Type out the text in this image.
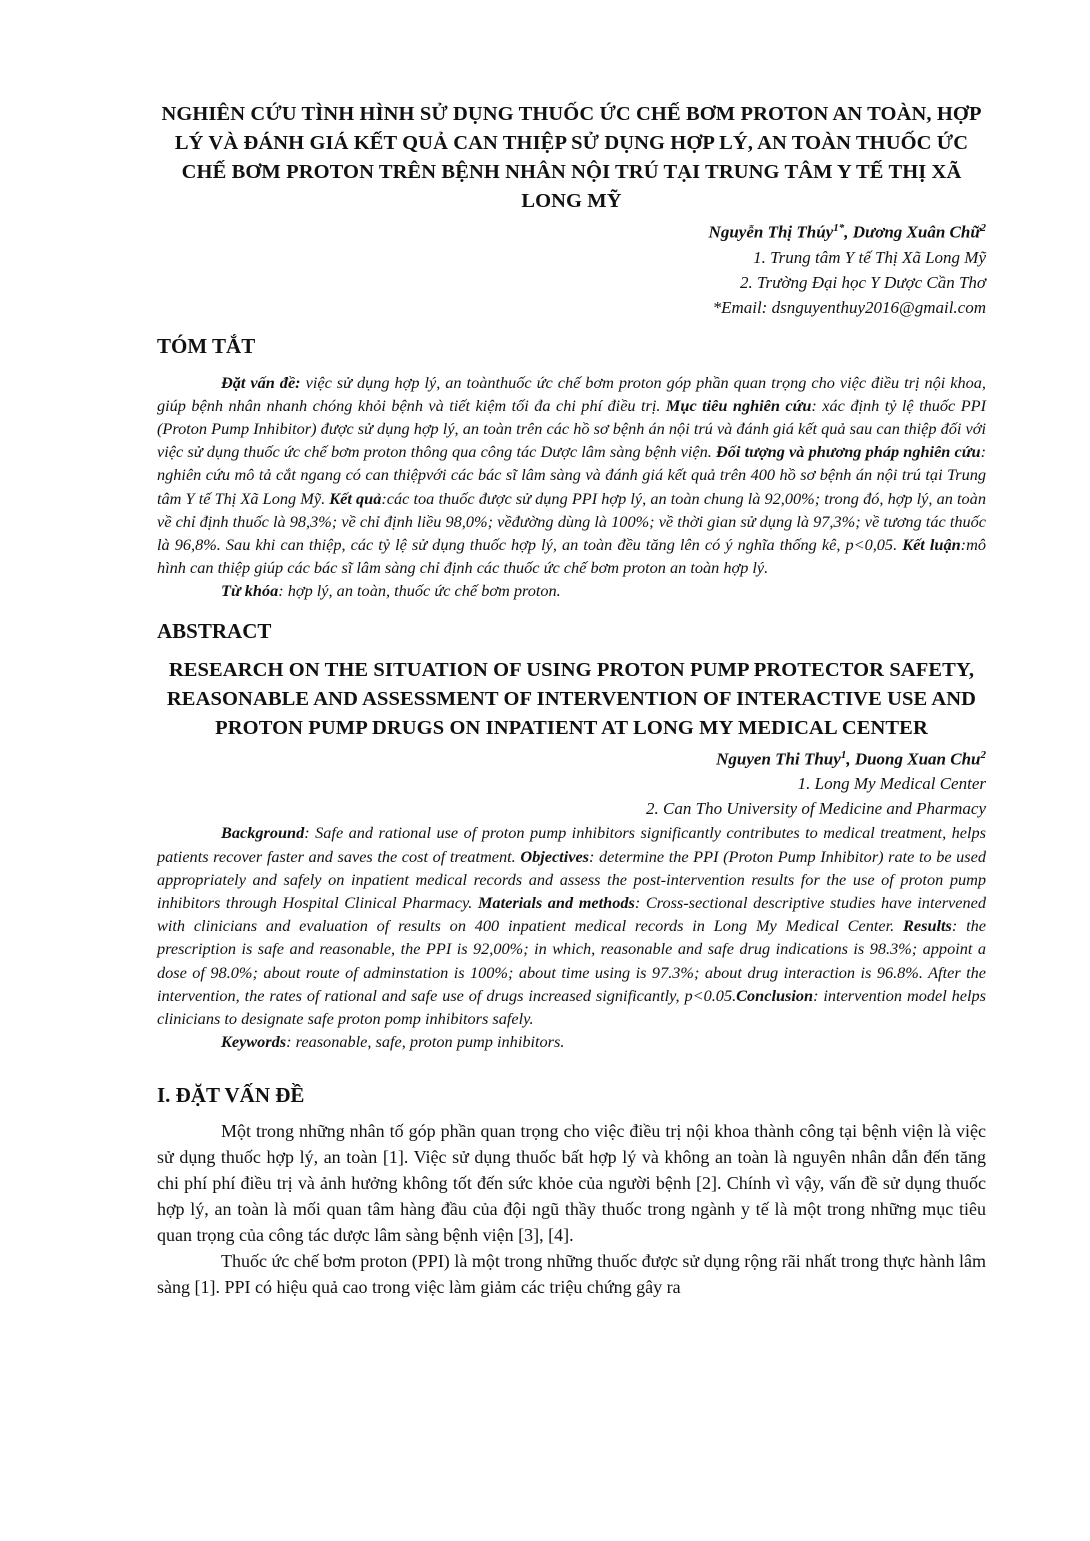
NGHIÊN CỨU TÌNH HÌNH SỬ DỤNG THUỐC ỨC CHẾ BƠM PROTON AN TOÀN, HỢP LÝ VÀ ĐÁNH GIÁ KẾT QUẢ CAN THIỆP SỬ DỤNG HỢP LÝ, AN TOÀN THUỐC ỨC CHẾ BƠM PROTON TRÊN BỆNH NHÂN NỘI TRÚ TẠI TRUNG TÂM Y TẾ THỊ XÃ LONG MỸ
Nguyễn Thị Thúy$^{1*}$, Dương Xuân Chữ$^2$
1. Trung tâm Y tế Thị Xã Long Mỹ
2. Trường Đại học Y Dược Cần Thơ
*Email: dsnguyenthuy2016@gmail.com
TÓM TẮT

Đặt vấn đề: việc sử dụng hợp lý, an toànthuốc ức chế bơm proton góp phần quan trọng cho việc điều trị nội khoa, giúp bệnh nhân nhanh chóng khỏi bệnh và tiết kiệm tối đa chi phí điều trị. Mục tiêu nghiên cứu: xác định tỷ lệ thuốc PPI (Proton Pump Inhibitor) được sử dụng hợp lý, an toàn trên các hồ sơ bệnh án nội trú và đánh giá kết quả sau can thiệp đối với việc sử dụng thuốc ức chế bơm proton thông qua công tác Dược lâm sàng bệnh viện. Đối tượng và phương pháp nghiên cứu: nghiên cứu mô tả cắt ngang có can thiệpvới các bác sĩ lâm sàng và đánh giá kết quả trên 400 hồ sơ bệnh án nội trú tại Trung tâm Y tế Thị Xã Long Mỹ. Kết quả:các toa thuốc được sử dụng PPI hợp lý, an toàn chung là 92,00%; trong đó, hợp lý, an toàn về chỉ định thuốc là 98,3%; về chỉ định liều 98,0%; vềđường dùng là 100%; về thời gian sử dụng là 97,3%; về tương tác thuốc là 96,8%. Sau khi can thiệp, các tỷ lệ sử dụng thuốc hợp lý, an toàn đều tăng lên có ý nghĩa thống kê, p<0,05. Kết luận:mô hình can thiệp giúp các bác sĩ lâm sàng chỉ định các thuốc ức chế bơm proton an toàn hợp lý.

Từ khóa: hợp lý, an toàn, thuốc ức chế bơm proton.

ABSTRACT
RESEARCH ON THE SITUATION OF USING PROTON PUMP PROTECTOR SAFETY, REASONABLE AND ASSESSMENT OF INTERVENTION OF INTERACTIVE USE AND PROTON PUMP DRUGS ON INPATIENT AT LONG MY MEDICAL CENTER
Nguyen Thi Thuy$^1$, Duong Xuan Chu$^2$
1. Long My Medical Center
2. Can Tho University of Medicine and Pharmacy

Background: Safe and rational use of proton pump inhibitors significantly contributes to medical treatment, helps patients recover faster and saves the cost of treatment. Objectives: determine the PPI (Proton Pump Inhibitor) rate to be used appropriately and safely on inpatient medical records and assess the post-intervention results for the use of proton pump inhibitors through Hospital Clinical Pharmacy. Materials and methods: Cross-sectional descriptive studies have intervened with clinicians and evaluation of results on 400 inpatient medical records in Long My Medical Center. Results: the prescription is safe and reasonable, the PPI is 92,00%; in which, reasonable and safe drug indications is 98.3%; appoint a dose of 98.0%; about route of adminstation is 100%; about time using is 97.3%; about drug interaction is 96.8%. After the intervention, the rates of rational and safe use of drugs increased significantly, p<0.05.Conclusion: intervention model helps clinicians to designate safe proton pomp inhibitors safely.

Keywords: reasonable, safe, proton pump inhibitors.

I. ĐẶT VẤN ĐỀ

Một trong những nhân tố góp phần quan trọng cho việc điều trị nội khoa thành công tại bệnh viện là việc sử dụng thuốc hợp lý, an toàn [1]. Việc sử dụng thuốc bất hợp lý và không an toàn là nguyên nhân dẫn đến tăng chi phí phí điều trị và ảnh hưởng không tốt đến sức khỏe của người bệnh [2]. Chính vì vậy, vấn đề sử dụng thuốc hợp lý, an toàn là mối quan tâm hàng đầu của đội ngũ thầy thuốc trong ngành y tế là một trong những mục tiêu quan trọng của công tác dược lâm sàng bệnh viện [3], [4].

Thuốc ức chế bơm proton (PPI) là một trong những thuốc được sử dụng rộng rãi nhất trong thực hành lâm sàng [1]. PPI có hiệu quả cao trong việc làm giảm các triệu chứng gây ra
